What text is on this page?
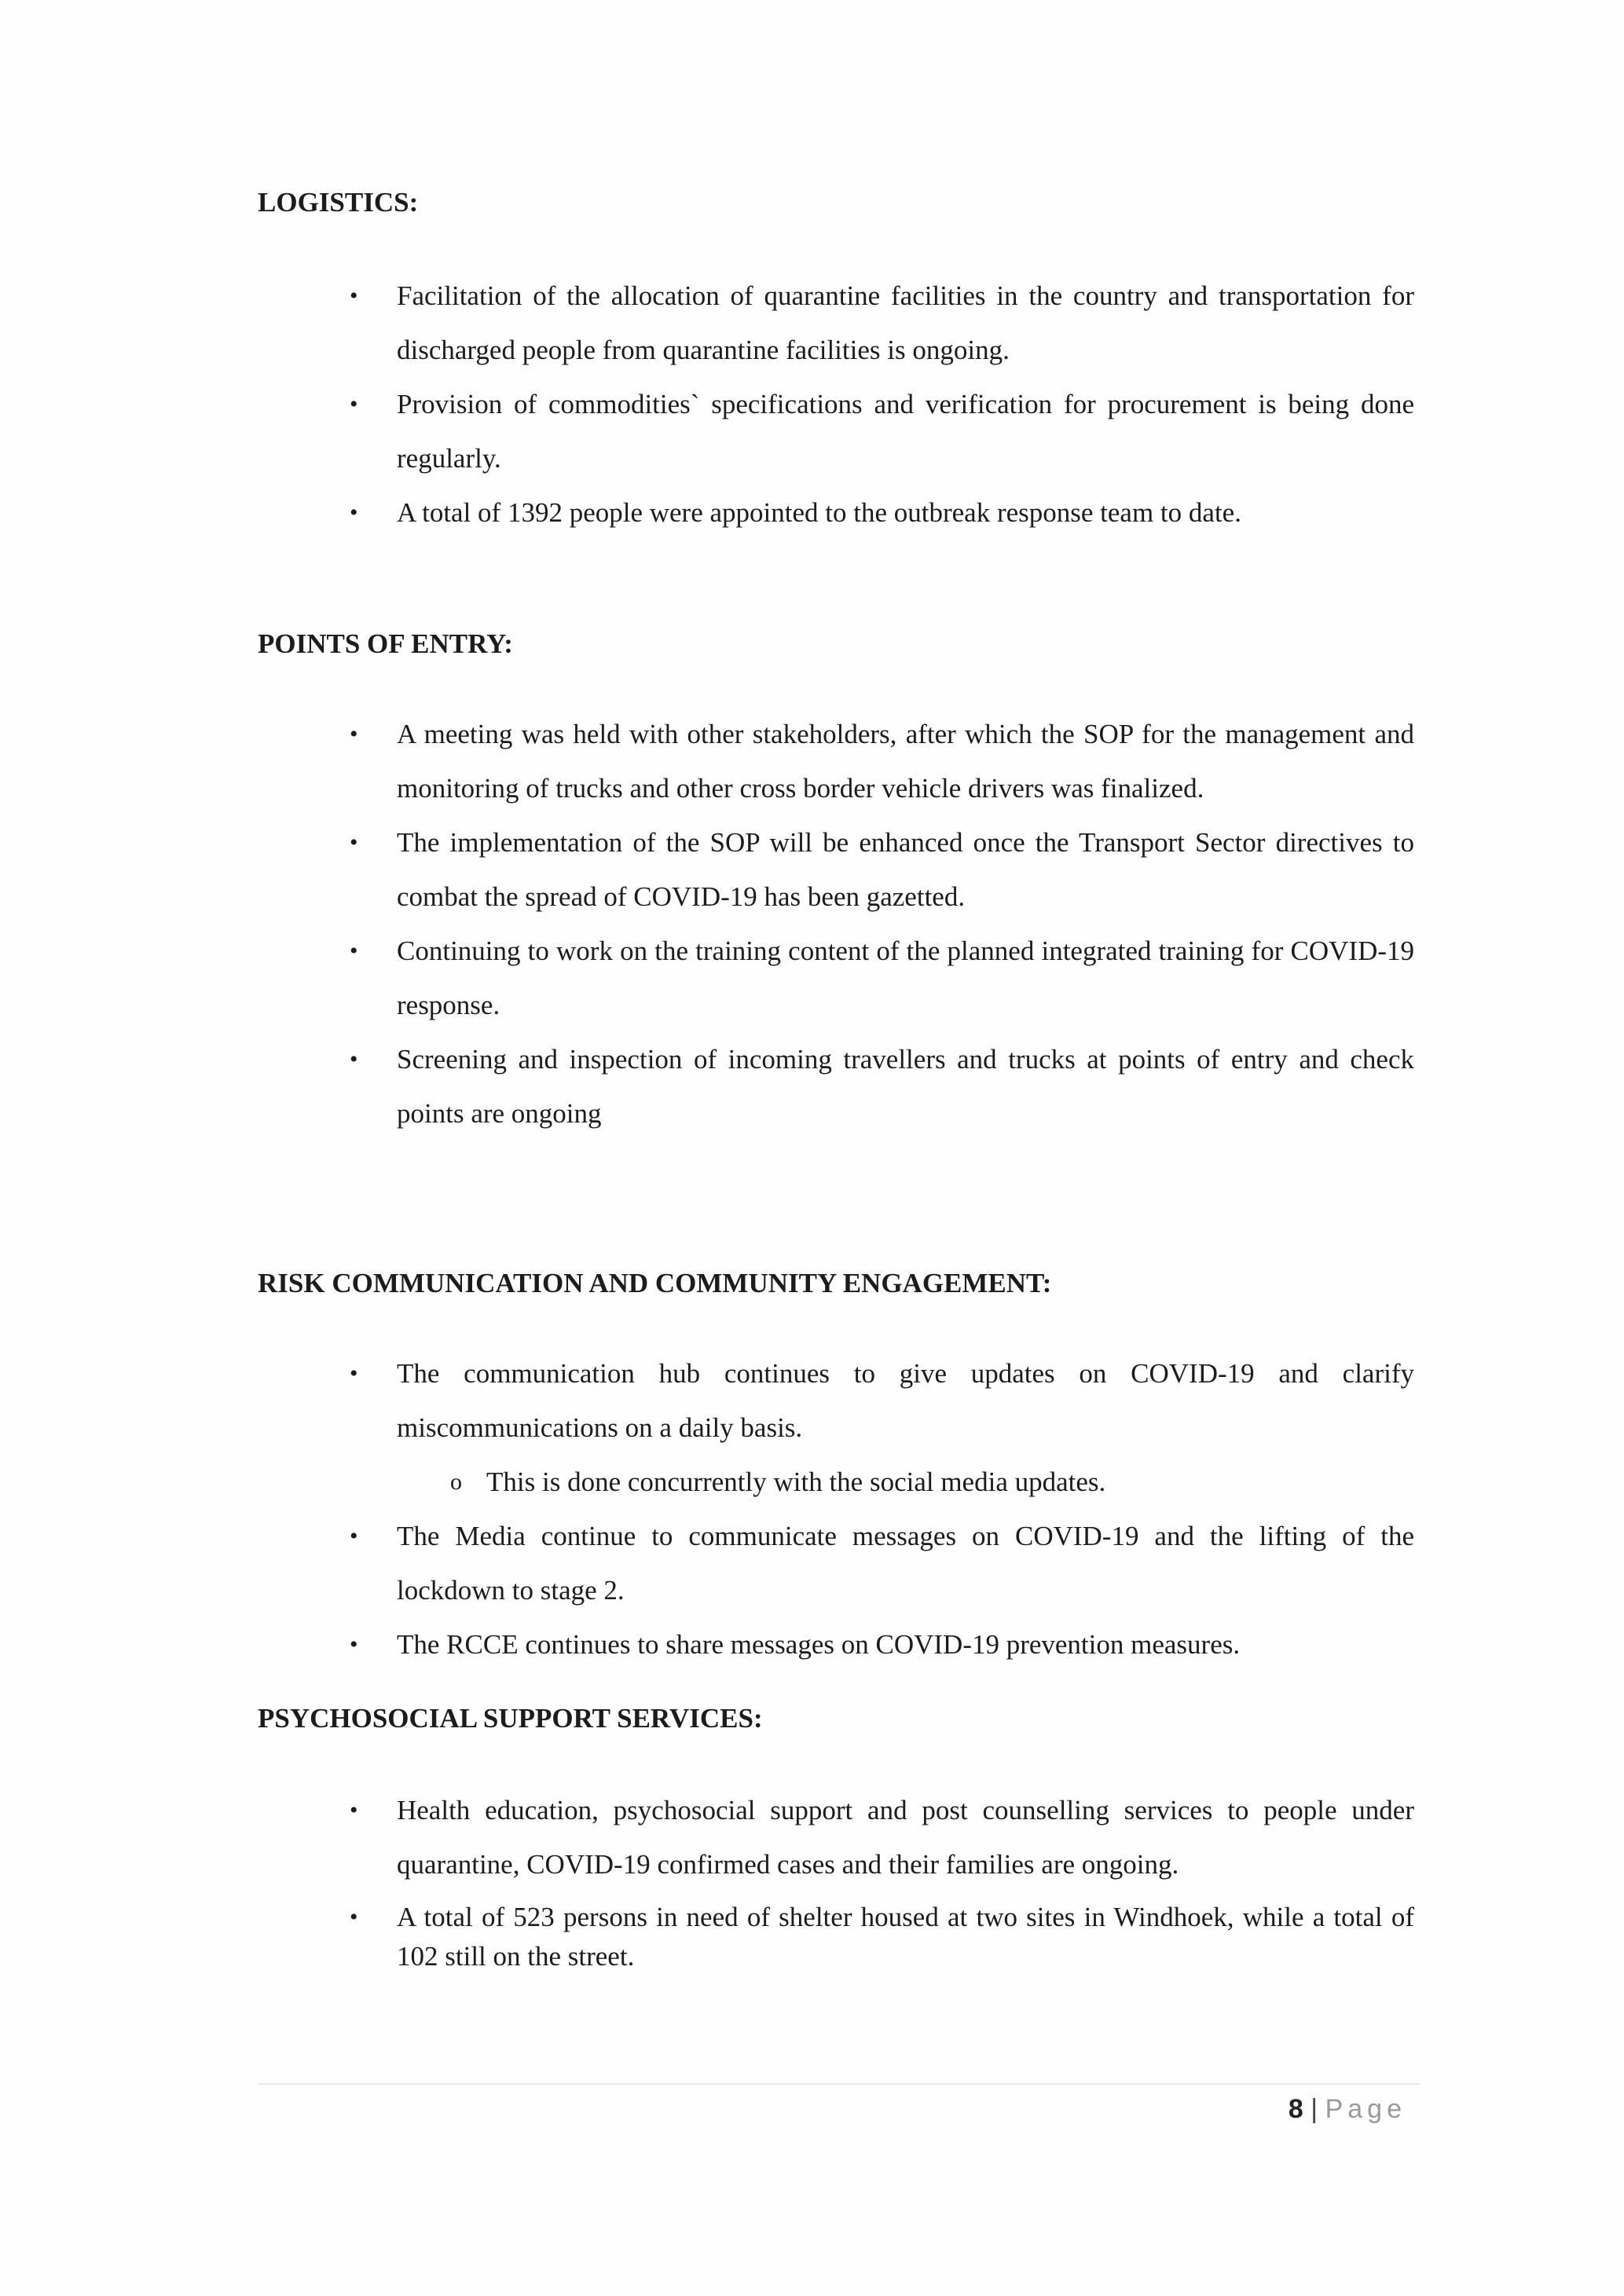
LOGISTICS:
• Facilitation of the allocation of quarantine facilities in the country and transportation for discharged people from quarantine facilities is ongoing.
• Provision of commodities` specifications and verification for procurement is being done regularly.
• A total of 1392 people were appointed to the outbreak response team to date.
POINTS OF ENTRY:
• A meeting was held with other stakeholders, after which the SOP for the management and monitoring of trucks and other cross border vehicle drivers was finalized.
• The implementation of the SOP will be enhanced once the Transport Sector directives to combat the spread of COVID-19 has been gazetted.
• Continuing to work on the training content of the planned integrated training for COVID-19 response.
• Screening and inspection of incoming travellers and trucks at points of entry and check points are ongoing
RISK COMMUNICATION AND COMMUNITY ENGAGEMENT:
• The communication hub continues to give updates on COVID-19 and clarify miscommunications on a daily basis.
o This is done concurrently with the social media updates.
• The Media continue to communicate messages on COVID-19 and the lifting of the lockdown to stage 2.
• The RCCE continues to share messages on COVID-19 prevention measures.
PSYCHOSOCIAL SUPPORT SERVICES:
• Health education, psychosocial support and post counselling services to people under quarantine, COVID-19 confirmed cases and their families are ongoing.
• A total of 523 persons in need of shelter housed at two sites in Windhoek, while a total of 102 still on the street.
8 | Page
